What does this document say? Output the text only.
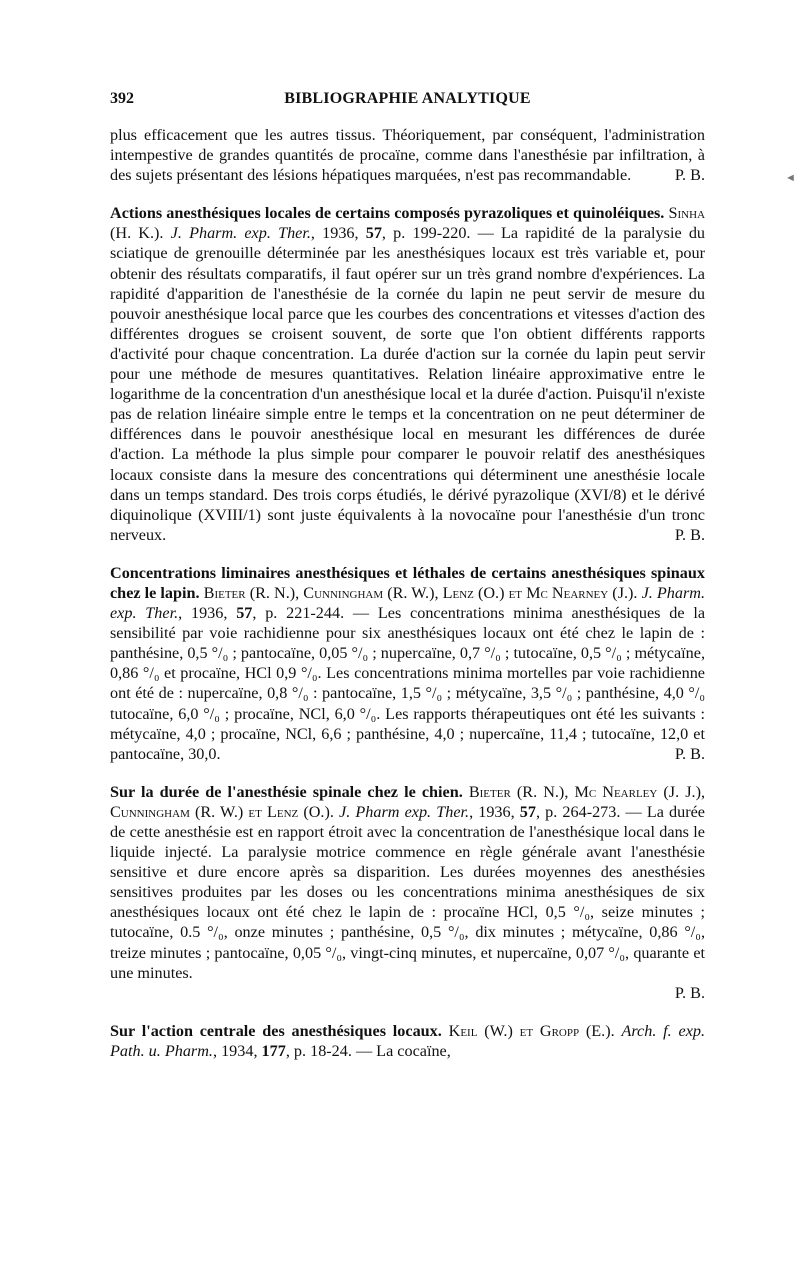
392	BIBLIOGRAPHIE ANALYTIQUE
◄

plus efficacement que les autres tissus. Théoriquement, par conséquent, l'administration intempestive de grandes quantités de procaïne, comme dans l'anesthésie par infiltration, à des sujets présentant des lésions hépatiques marquées, n'est pas recommandable.	P. B.

Actions anesthésiques locales de certains composés pyrazoliques et quinoléiques. Sinha (H. K.). J. Pharm. exp. Ther., 1936, 57, p. 199-220. — La rapidité de la paralysie du sciatique de grenouille déterminée par les anesthésiques locaux est très variable et, pour obtenir des résultats comparatifs, il faut opérer sur un très grand nombre d'expériences. La rapidité d'apparition de l'anesthésie de la cornée du lapin ne peut servir de mesure du pouvoir anesthésique local parce que les courbes des concentrations et vitesses d'action des différentes drogues se croisent souvent, de sorte que l'on obtient différents rapports d'activité pour chaque concentration. La durée d'action sur la cornée du lapin peut servir pour une méthode de mesures quantitatives. Relation linéaire approximative entre le logarithme de la concentration d'un anesthésique local et la durée d'action. Puisqu'il n'existe pas de relation linéaire simple entre le temps et la concentration on ne peut déterminer de différences dans le pouvoir anesthésique local en mesurant les différences de durée d'action. La méthode la plus simple pour comparer le pouvoir relatif des anesthésiques locaux consiste dans la mesure des concentrations qui déterminent une anesthésie locale dans un temps standard. Des trois corps étudiés, le dérivé pyrazolique (XVI/8) et le dérivé diquinolique (XVIII/1) sont juste équivalents à la novocaïne pour l'anesthésie d'un tronc nerveux.	P. B.

Concentrations liminaires anesthésiques et léthales de certains anesthésiques spinaux chez le lapin. Bieter (R. N.), Cunningham (R. W.), Lenz (O.) et Mc Nearney (J.). J. Pharm. exp. Ther., 1936, 57, p. 221-244. — Les concentrations minima anesthésiques de la sensibilité par voie rachidienne pour six anesthésiques locaux ont été chez le lapin de : panthésine, 0,5 °/₀ ; pantocaïne, 0,05 °/₀ ; nupercaïne, 0,7 °/₀ ; tutocaïne, 0,5 °/₀ ; métycaïne, 0,86 °/₀ et procaïne, HCl 0,9 °/₀. Les concentrations minima mortelles par voie rachidienne ont été de : nupercaïne, 0,8 °/₀ : pantocaïne, 1,5 °/₀ ; métycaïne, 3,5 °/₀ ; panthésine, 4,0 °/₀ tutocaïne, 6,0 °/₀ ; procaïne, NCl, 6,0 °/₀. Les rapports thérapeutiques ont été les suivants : métycaïne, 4,0 ; procaïne, NCl, 6,6 ; panthésine, 4,0 ; nupercaïne, 11,4 ; tutocaïne, 12,0 et pantocaïne, 30,0.	P. B.

Sur la durée de l'anesthésie spinale chez le chien. Bieter (R. N.), Mc Nearley (J. J.), Cunningham (R. W.) et Lenz (O.). J. Pharm exp. Ther., 1936, 57, p. 264-273. — La durée de cette anesthésie est en rapport étroit avec la concentration de l'anesthésique local dans le liquide injecté. La paralysie motrice commence en règle générale avant l'anesthésie sensitive et dure encore après sa disparition. Les durées moyennes des anesthésies sensitives produites par les doses ou les concentrations minima anesthésiques de six anesthésiques locaux ont été chez le lapin de : procaïne HCl, 0,5 °/₀, seize minutes ; tutocaïne, 0.5 °/₀, onze minutes ; panthésine, 0,5 °/₀, dix minutes ; métycaïne, 0,86 °/₀, treize minutes ; pantocaïne, 0,05 °/₀, vingt-cinq minutes, et nupercaïne, 0,07 °/₀, quarante et une minutes.

P. B.

Sur l'action centrale des anesthésiques locaux. Keil (W.) et Gropp (E.). Arch. f. exp. Path. u. Pharm., 1934, 177, p. 18-24. — La cocaïne,
